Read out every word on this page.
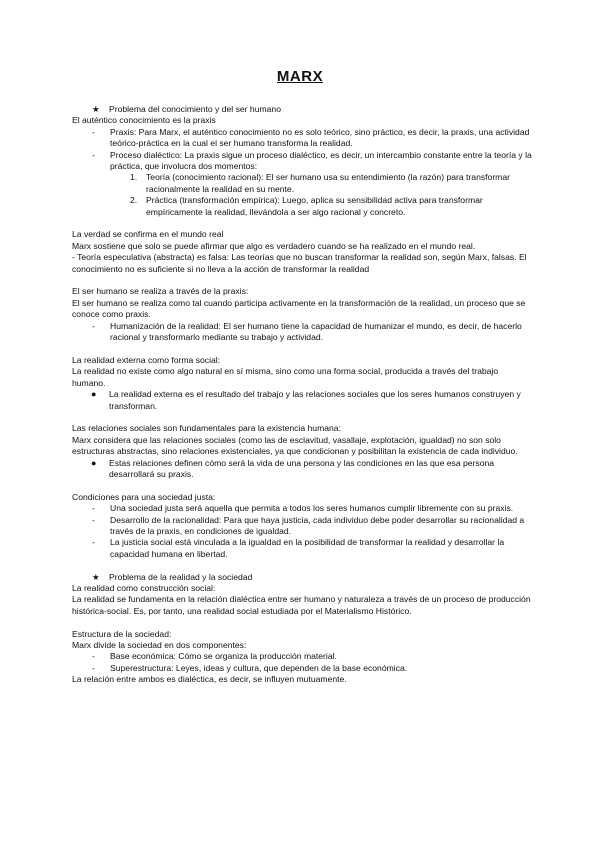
MARX
★	Problema del conocimiento y del ser humano

El auténtico conocimiento es la praxis

- Praxis: Para Marx, el auténtico conocimiento no es solo teórico, sino práctico, es decir, la praxis, una actividad teórico-práctica en la cual el ser humano transforma la realidad.
- Proceso dialéctico: La praxis sigue un proceso dialéctico, es decir, un intercambio constante entre la teoría y la práctica, que involucra dos momentos:
1. Teoría (conocimiento racional): El ser humano usa su entendimiento (la razón) para transformar racionalmente la realidad en su mente.
2. Práctica (transformación empírica): Luego, aplica su sensibilidad activa para transformar empíricamente la realidad, llevándola a ser algo racional y concreto.

La verdad se confirma en el mundo real

Marx sostiene que solo se puede afirmar que algo es verdadero cuando se ha realizado en el mundo real.

- Teoría especulativa (abstracta) es falsa: Las teorías que no buscan transformar la realidad son, según Marx, falsas. El conocimiento no es suficiente si no lleva a la acción de transformar la realidad

El ser humano se realiza a través de la praxis:

El ser humano se realiza como tal cuando participa activamente en la transformación de la realidad, un proceso que se conoce como praxis.

- Humanización de la realidad: El ser humano tiene la capacidad de humanizar el mundo, es decir, de hacerlo racional y transformarlo mediante su trabajo y actividad.

La realidad externa como forma social:

La realidad no existe como algo natural en sí misma, sino como una forma social, producida a través del trabajo humano.

● La realidad externa es el resultado del trabajo y las relaciones sociales que los seres humanos construyen y transforman.

Las relaciones sociales son fundamentales para la existencia humana:

Marx considera que las relaciones sociales (como las de esclavitud, vasallaje, explotación, igualdad) no son solo estructuras abstractas, sino relaciones existenciales, ya que condicionan y posibilitan la existencia de cada individuo.

● Estas relaciones definen cómo será la vida de una persona y las condiciones en las que esa persona desarrollará su praxis.

Condiciones para una sociedad justa:

- Una sociedad justa será aquella que permita a todos los seres humanos cumplir libremente con su praxis.
- Desarrollo de la racionalidad: Para que haya justicia, cada individuo debe poder desarrollar su racionalidad a través de la praxis, en condiciones de igualdad.
- La justicia social está vinculada a la igualdad en la posibilidad de transformar la realidad y desarrollar la capacidad humana en libertad.
★	Problema de la realidad y la sociedad

La realidad como construcción social:

La realidad se fundamenta en la relación dialéctica entre ser humano y naturaleza a través de un proceso de producción histórica-social. Es, por tanto, una realidad social estudiada por el Materialismo Histórico.

Estructura de la sociedad:

Marx divide la sociedad en dos componentes:

- Base económica: Cómo se organiza la producción material.
- Superestructura: Leyes, ideas y cultura, que dependen de la base económica.

La relación entre ambos es dialéctica, es decir, se influyen mutuamente.
